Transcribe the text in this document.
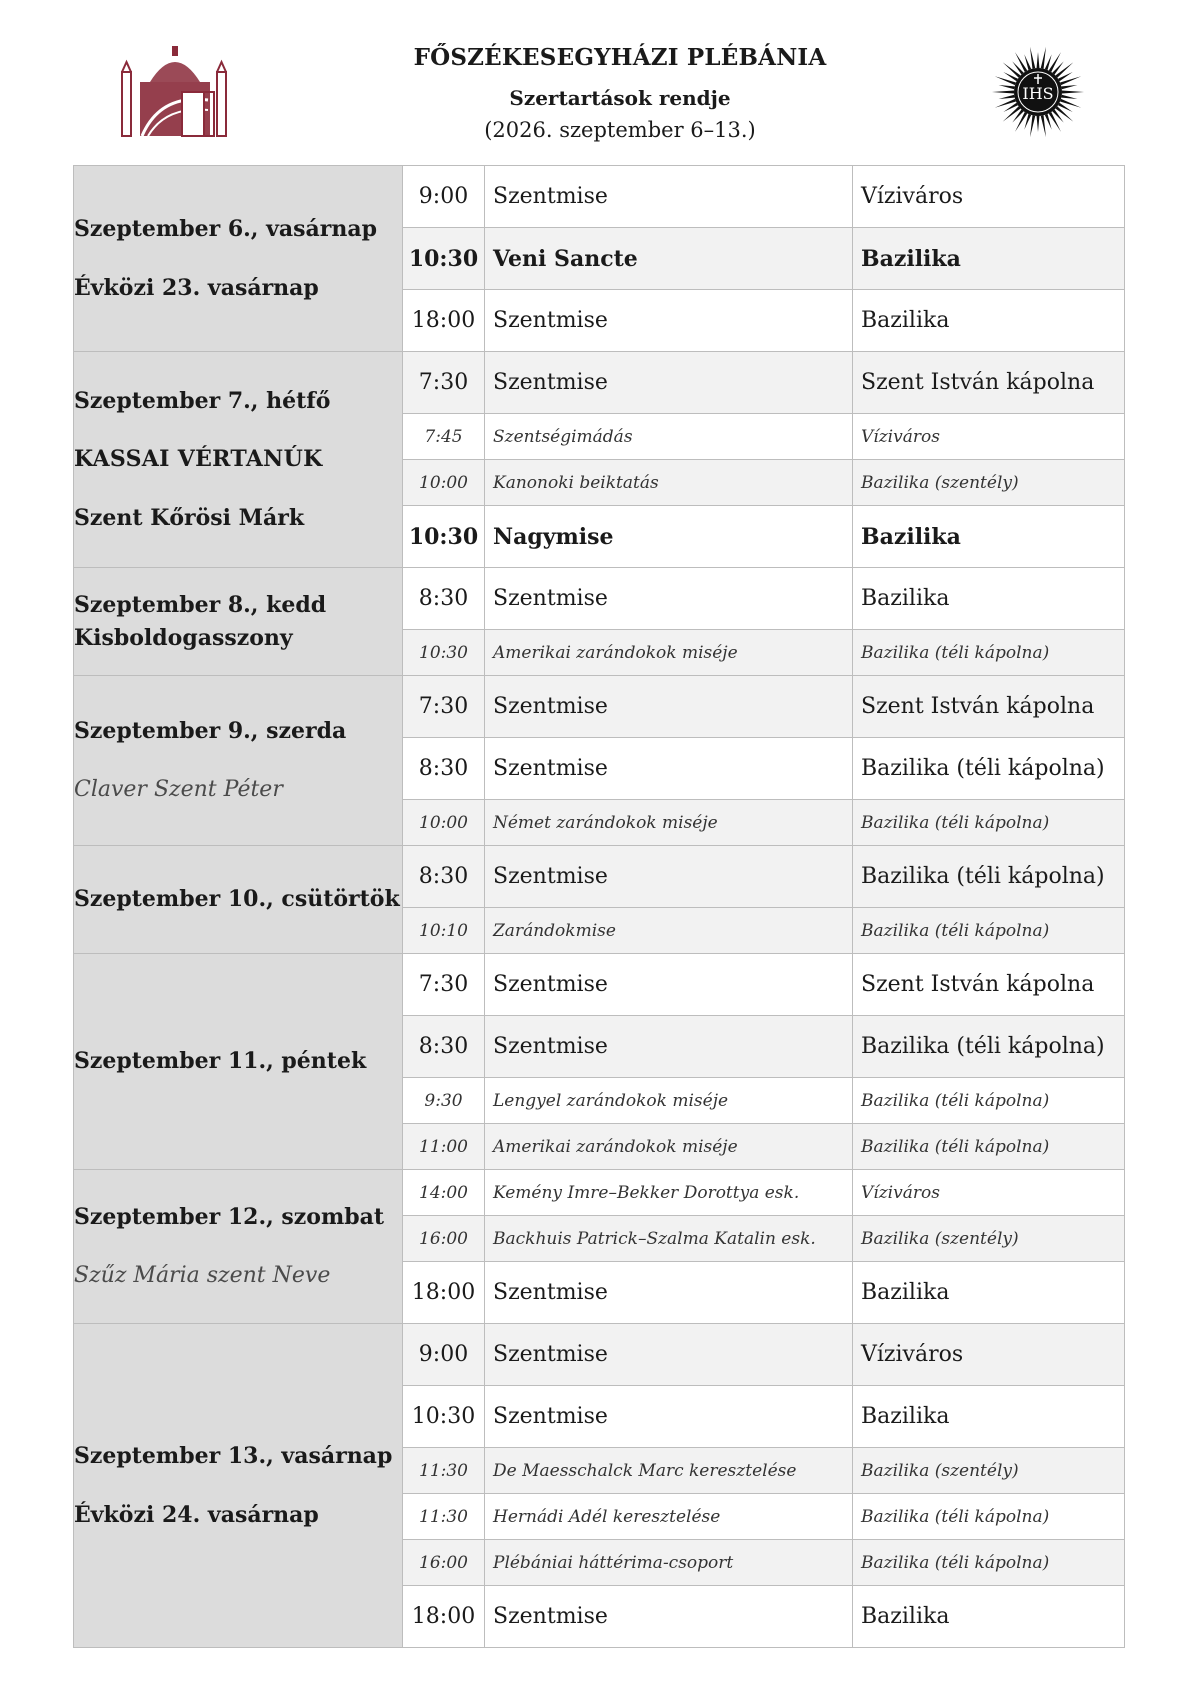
FŐSZÉKESEGYHÁZI PLÉBÁNIA
Szertartások rendje
(2026. szeptember 6–13.)
IHS
Szeptember 6., vasárnap
Évközi 23. vasárnap	9:00	Szentmise	Víziváros
	10:30	Veni Sancte	Bazilika
	18:00	Szentmise	Bazilika

Szeptember 7., hétfő
KASSAI VÉRTANÚK
Szent Kőrösi Márk	7:30	Szentmise	Szent István kápolna
	7:45	Szentségimádás	Víziváros
	10:00	Kanonoki beiktatás	Bazilika (szentély)
	10:30	Nagymise	Bazilika

Szeptember 8., kedd
Kisboldogasszony	8:30	Szentmise	Bazilika
	10:30	Amerikai zarándokok miséje	Bazilika (téli kápolna)

Szeptember 9., szerda
Claver Szent Péter	7:30	Szentmise	Szent István kápolna
	8:30	Szentmise	Bazilika (téli kápolna)
	10:00	Német zarándokok miséje	Bazilika (téli kápolna)

Szeptember 10., csütörtök	8:30	Szentmise	Bazilika (téli kápolna)
	10:10	Zarándokmise	Bazilika (téli kápolna)

Szeptember 11., péntek	7:30	Szentmise	Szent István kápolna
	8:30	Szentmise	Bazilika (téli kápolna)
	9:30	Lengyel zarándokok miséje	Bazilika (téli kápolna)
	11:00	Amerikai zarándokok miséje	Bazilika (téli kápolna)

Szeptember 12., szombat
Szűz Mária szent Neve	14:00	Kemény Imre–Bekker Dorottya esk.	Víziváros
	16:00	Backhuis Patrick–Szalma Katalin esk.	Bazilika (szentély)
	18:00	Szentmise	Bazilika

Szeptember 13., vasárnap
Évközi 24. vasárnap	9:00	Szentmise	Víziváros
	10:30	Szentmise	Bazilika
	11:30	De Maesschalck Marc keresztelése	Bazilika (szentély)
	11:30	Hernádi Adél keresztelése	Bazilika (téli kápolna)
	16:00	Plébániai háttérima-csoport	Bazilika (téli kápolna)
	18:00	Szentmise	Bazilika
